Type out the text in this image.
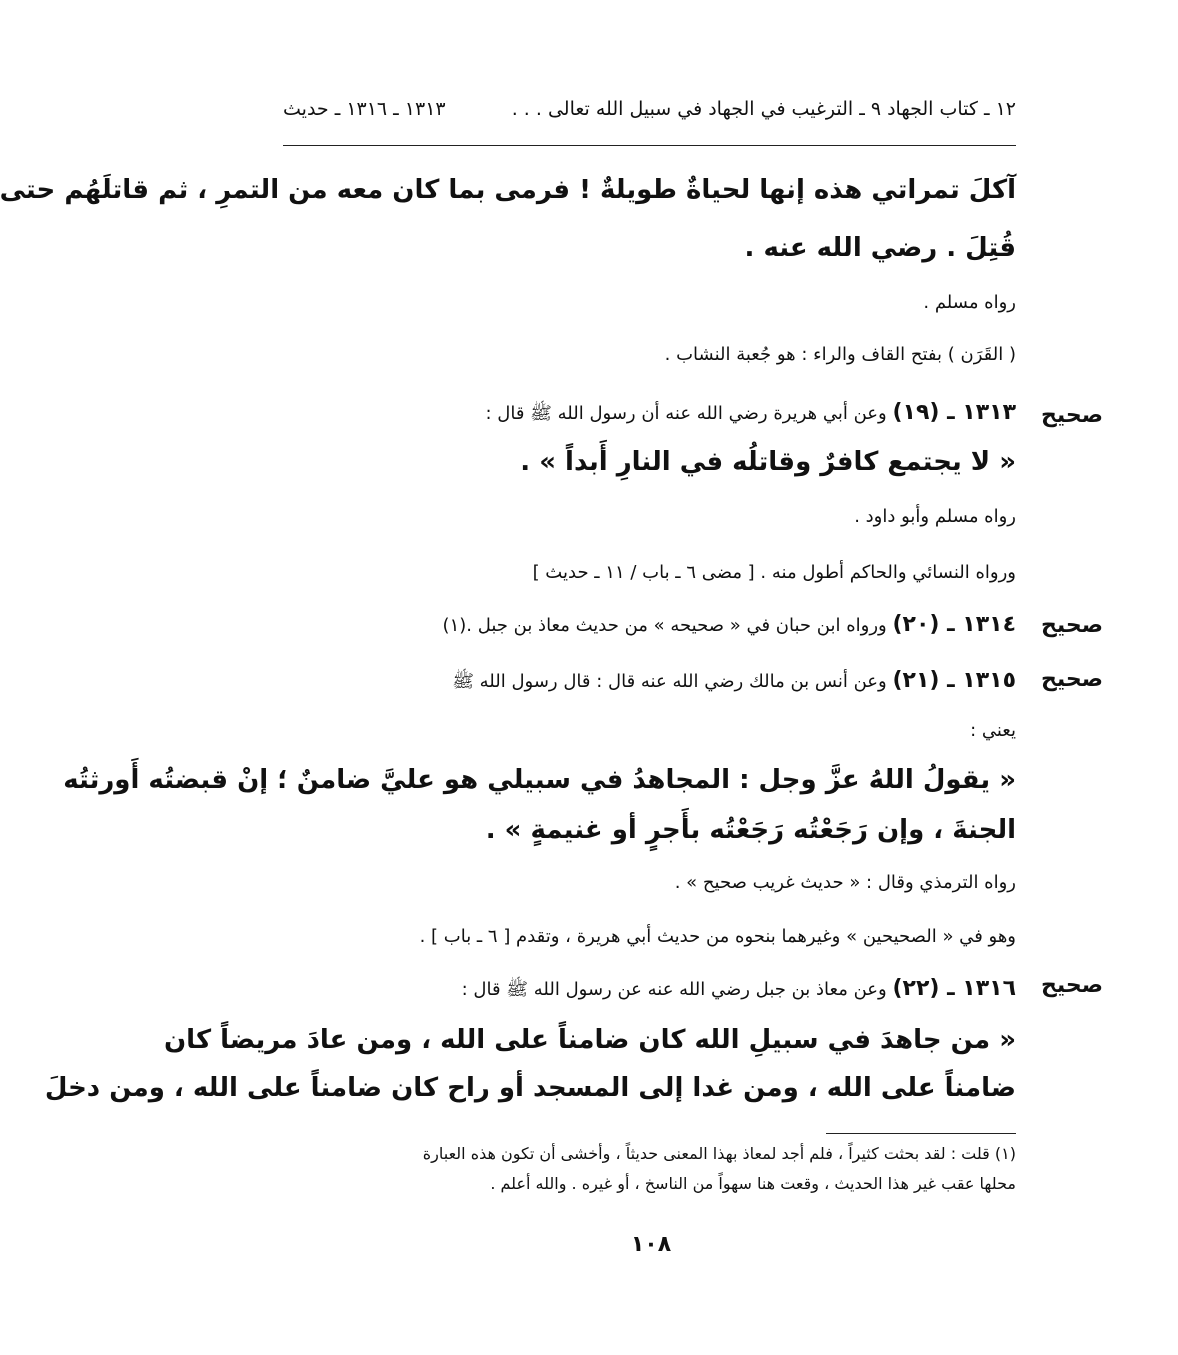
١٢ ـ كتاب الجهاد ٩ ـ الترغيب في الجهاد في سبيل الله تعالى . . .
١٣١٣ ـ ١٣١٦ ـ حديث
آكلَ تمراتي هذه إنها لحياةٌ طويلةٌ ! فرمى بما كان معه من التمرِ ، ثم قاتلَهُم حتى
قُتِلَ . رضي الله عنه .
رواه مسلم .
( القَرَن ) بفتح القاف والراء : هو جُعبة النشاب .
صحيح
١٣١٣ ـ (١٩) وعن أبي هريرة رضي الله عنه أن رسول الله ﷺ قال :
« لا يجتمع كافرٌ وقاتلُه في النارِ أَبداً » .
رواه مسلم وأبو داود .
ورواه النسائي والحاكم أطول منه . [ مضى ٦ ـ باب / ١١ ـ حديث ]
صحيح
١٣١٤ ـ (٢٠) ورواه ابن حبان في « صحيحه » من حديث معاذ بن جبل .(١)
صحيح
١٣١٥ ـ (٢١) وعن أنس بن مالك رضي الله عنه قال : قال رسول الله ﷺ
يعني :
« يقولُ اللهُ عزَّ وجل : المجاهدُ في سبيلي هو عليَّ ضامنٌ ؛ إنْ قبضتُه أَورثتُه
الجنةَ ، وإن رَجَعْتُه رَجَعْتُه بأَجرٍ أو غنيمةٍ » .
رواه الترمذي وقال : « حديث غريب صحيح » .
وهو في « الصحيحين » وغيرهما بنحوه من حديث أبي هريرة ، وتقدم [ ٦ ـ باب ] .
صحيح
١٣١٦ ـ (٢٢) وعن معاذ بن جبل رضي الله عنه عن رسول الله ﷺ قال :
« من جاهدَ في سبيلِ الله كان ضامناً على الله ، ومن عادَ مريضاً كان
ضامناً على الله ، ومن غدا إلى المسجد أو راح كان ضامناً على الله ، ومن دخلَ
(١) قلت : لقد بحثت كثيراً ، فلم أجد لمعاذ بهذا المعنى حديثاً ، وأخشى أن تكون هذه العبارة
محلها عقب غير هذا الحديث ، وقعت هنا سهواً من الناسخ ، أو غيره . والله أعلم .
١٠٨
